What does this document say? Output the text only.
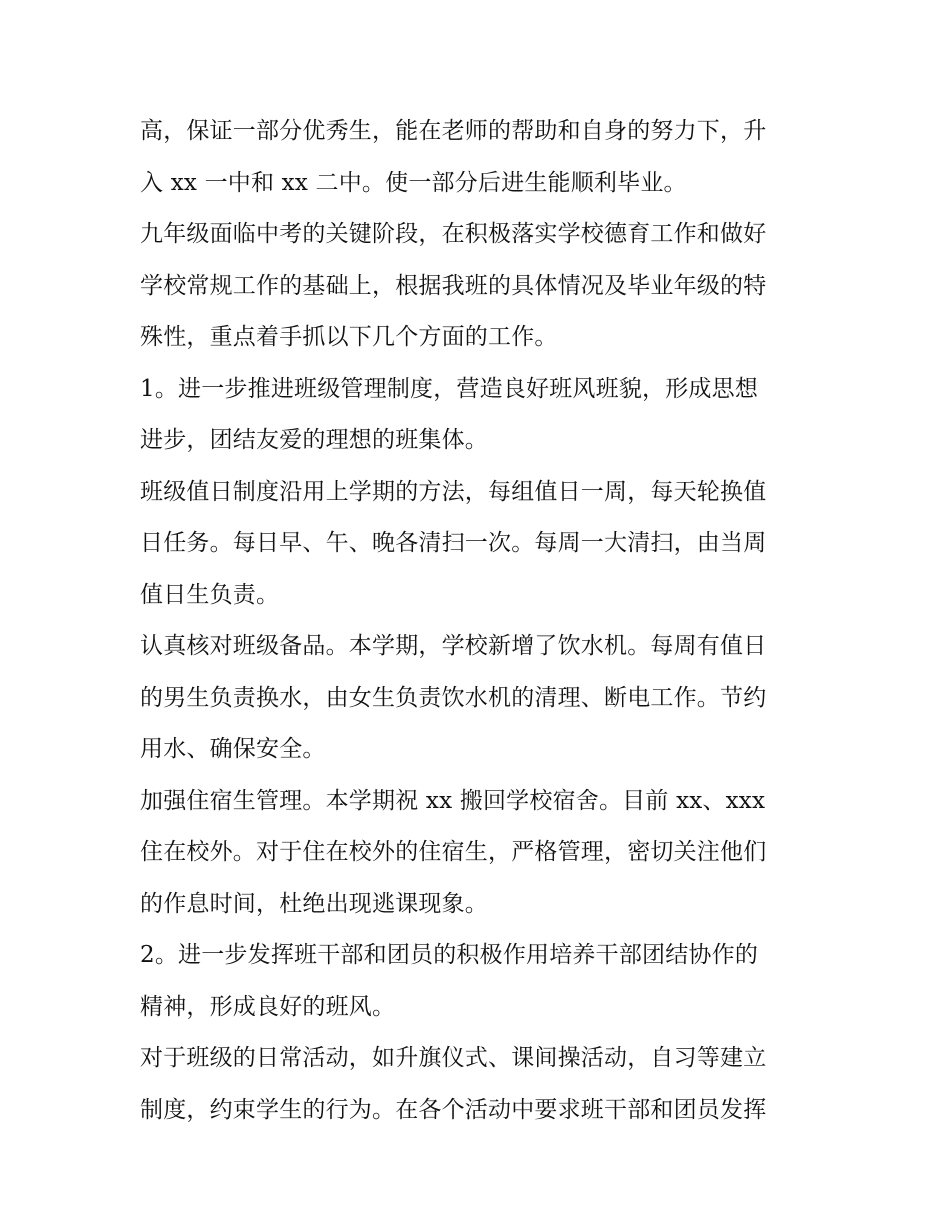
高，保证一部分优秀生，能在老师的帮助和自身的努力下，升
入 xx 一中和 xx 二中。使一部分后进生能顺利毕业。
九年级面临中考的关键阶段，在积极落实学校德育工作和做好
学校常规工作的基础上，根据我班的具体情况及毕业年级的特
殊性，重点着手抓以下几个方面的工作。
1。进一步推进班级管理制度，营造良好班风班貌，形成思想
进步，团结友爱的理想的班集体。
班级值日制度沿用上学期的方法，每组值日一周，每天轮换值
日任务。每日早、午、晚各清扫一次。每周一大清扫，由当周
值日生负责。
认真核对班级备品。本学期，学校新增了饮水机。每周有值日
的男生负责换水，由女生负责饮水机的清理、断电工作。节约
用水、确保安全。
加强住宿生管理。本学期祝 xx 搬回学校宿舍。目前 xx、xxx
住在校外。对于住在校外的住宿生，严格管理，密切关注他们
的作息时间，杜绝出现逃课现象。
2。进一步发挥班干部和团员的积极作用培养干部团结协作的
精神，形成良好的班风。
对于班级的日常活动，如升旗仪式、课间操活动，自习等建立
制度，约束学生的行为。在各个活动中要求班干部和团员发挥
